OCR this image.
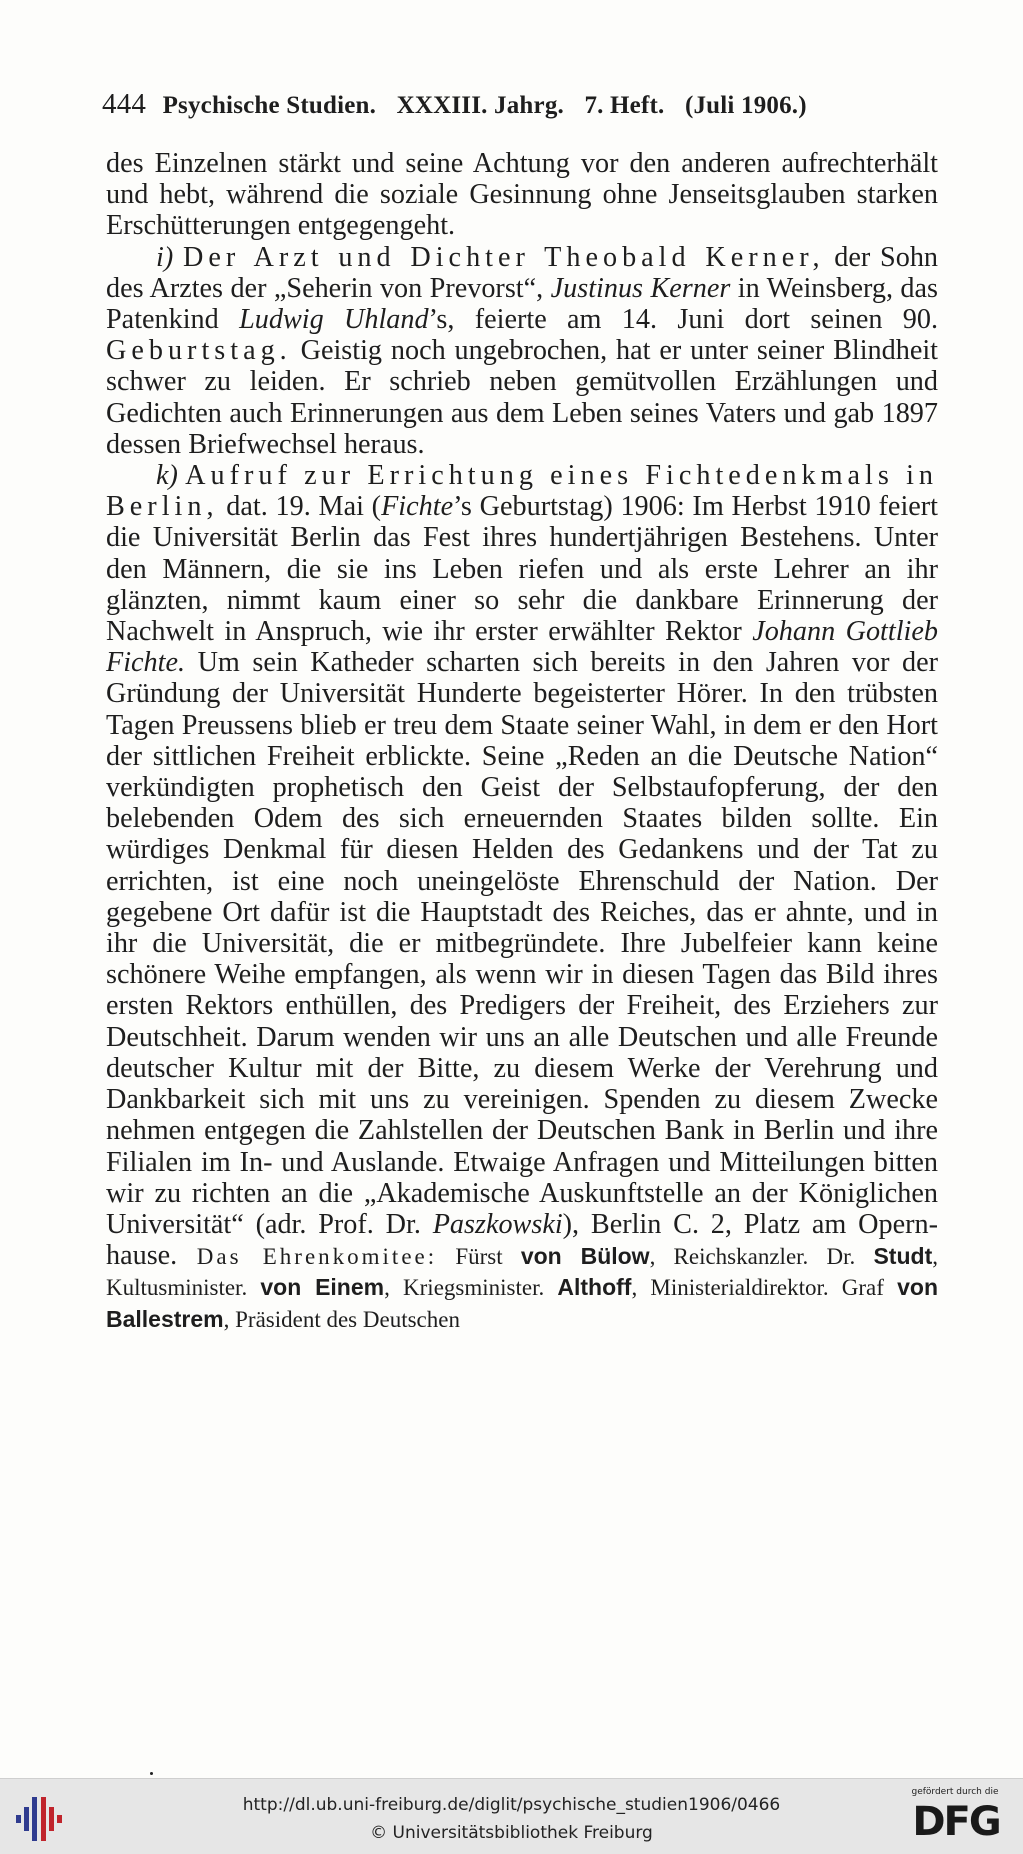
444 Psychische Studien. XXXIII. Jahrg. 7. Heft. (Juli 1906.)

des Einzelnen stärkt und seine Achtung vor den anderen aufrechterhält und hebt, während die soziale Gesinnung ohne Jenseitsglauben starken Erschütterungen entgegengeht.

i) Der Arzt und Dichter Theobald Kerner, der Sohn des Arztes der „Seherin von Prevorst“, Justinus Kerner in Weinsberg, das Patenkind Ludwig Uhland’s, feierte am 14. Juni dort seinen 90. Geburtstag. Geistig noch ungebrochen, hat er unter seiner Blindheit schwer zu leiden. Er schrieb neben gemütvollen Erzählungen und Gedichten auch Erinnerungen aus dem Leben seines Vaters und gab 1897 dessen Briefwechsel heraus.

k) Aufruf zur Errichtung eines Fichtedenkmals in Berlin, dat. 19. Mai (Fichte’s Geburtstag) 1906: Im Herbst 1910 feiert die Universität Berlin das Fest ihres hundertjährigen Bestehens. Unter den Männern, die sie ins Leben riefen und als erste Lehrer an ihr glänzten, nimmt kaum einer so sehr die dankbare Erinnerung der Nachwelt in Anspruch, wie ihr erster erwählter Rektor Johann Gottlieb Fichte. Um sein Katheder scharten sich bereits in den Jahren vor der Gründung der Universität Hunderte begeisterter Hörer. In den trübsten Tagen Preussens blieb er treu dem Staate seiner Wahl, in dem er den Hort der sittlichen Freiheit erblickte. Seine „Reden an die Deutsche Nation“ verkündigten prophetisch den Geist der Selbstaufopferung, der den belebenden Odem des sich erneuernden Staates bilden sollte. Ein würdiges Denkmal für diesen Helden des Gedankens und der Tat zu errichten, ist eine noch uneingelöste Ehrenschuld der Nation. Der gegebene Ort dafür ist die Hauptstadt des Reiches, das er ahnte, und in ihr die Universität, die er mitbegründete. Ihre Jubelfeier kann keine schönere Weihe empfangen, als wenn wir in diesen Tagen das Bild ihres ersten Rektors enthüllen, des Predigers der Freiheit, des Erziehers zur Deutschheit. Darum wenden wir uns an alle Deutschen und alle Freunde deutscher Kultur mit der Bitte, zu diesem Werke der Verehrung und Dankbarkeit sich mit uns zu vereinigen. Spenden zu diesem Zwecke nehmen entgegen die Zahlstellen der Deutschen Bank in Berlin und ihre Filialen im In- und Auslande. Etwaige Anfragen und Mitteilungen bitten wir zu richten an die „Akademische Auskunftstelle an der Königlichen Universität“ (adr. Prof. Dr. Paszkowski), Berlin C. 2, Platz am Opernhause. Das Ehrenkomitee: Fürst von Bülow, Reichskanzler. Dr. Studt, Kultusminister. von Einem, Kriegsminister. Althoff, Ministerialdirektor. Graf von Ballestrem, Präsident des Deutschen

http://dl.ub.uni-freiburg.de/diglit/psychische_studien1906/0466
© Universitätsbibliothek Freiburg
gefördert durch die
DFG
